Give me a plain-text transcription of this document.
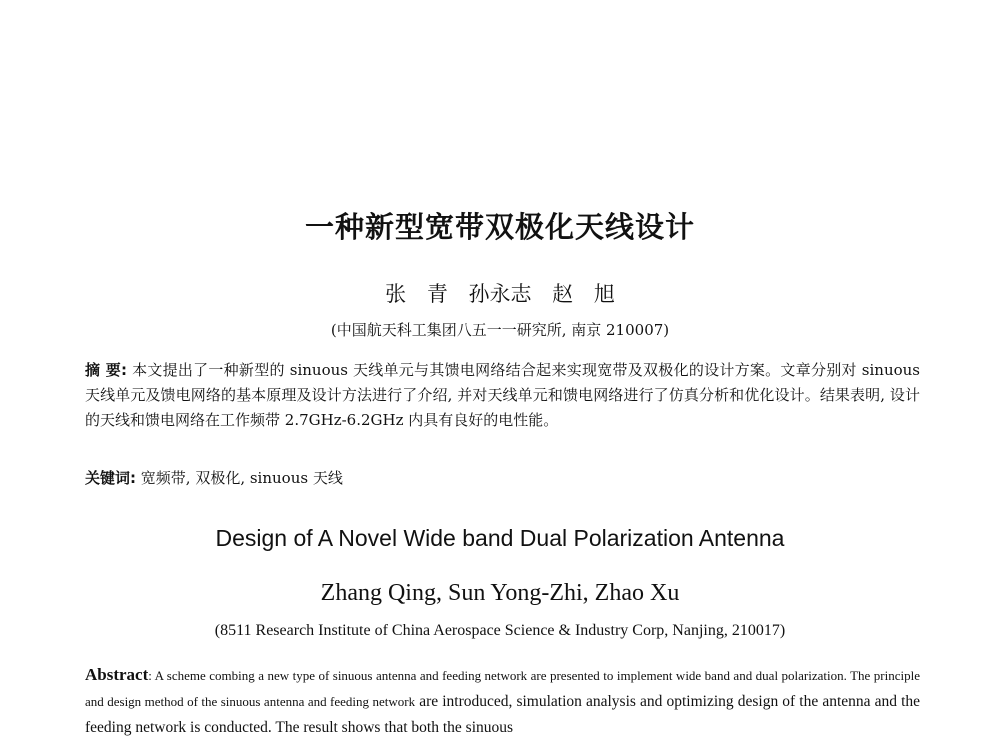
一种新型宽带双极化天线设计
张 青 孙永志 赵 旭
(中国航天科工集团八五一一研究所, 南京 210007)
摘 要: 本文提出了一种新型的 sinuous 天线单元与其馈电网络结合起来实现宽带及双极化的设计方案。文章分别对 sinuous 天线单元及馈电网络的基本原理及设计方法进行了介绍, 并对天线单元和馈电网络进行了仿真分析和优化设计。结果表明, 设计的天线和馈电网络在工作频带 2.7GHz-6.2GHz 内具有良好的电性能。
关键词: 宽频带, 双极化, sinuous 天线
Design of A Novel Wide band Dual Polarization Antenna
Zhang Qing, Sun Yong-Zhi, Zhao Xu
(8511 Research Institute of China Aerospace Science & Industry Corp, Nanjing, 210017)
Abstract: A scheme combing a new type of sinuous antenna and feeding network are presented to implement wide band and dual polarization. The principle and design method of the sinuous antenna and feeding network are introduced, simulation analysis and optimizing design of the antenna and the feeding network is conducted. The result shows that both the sinuous
